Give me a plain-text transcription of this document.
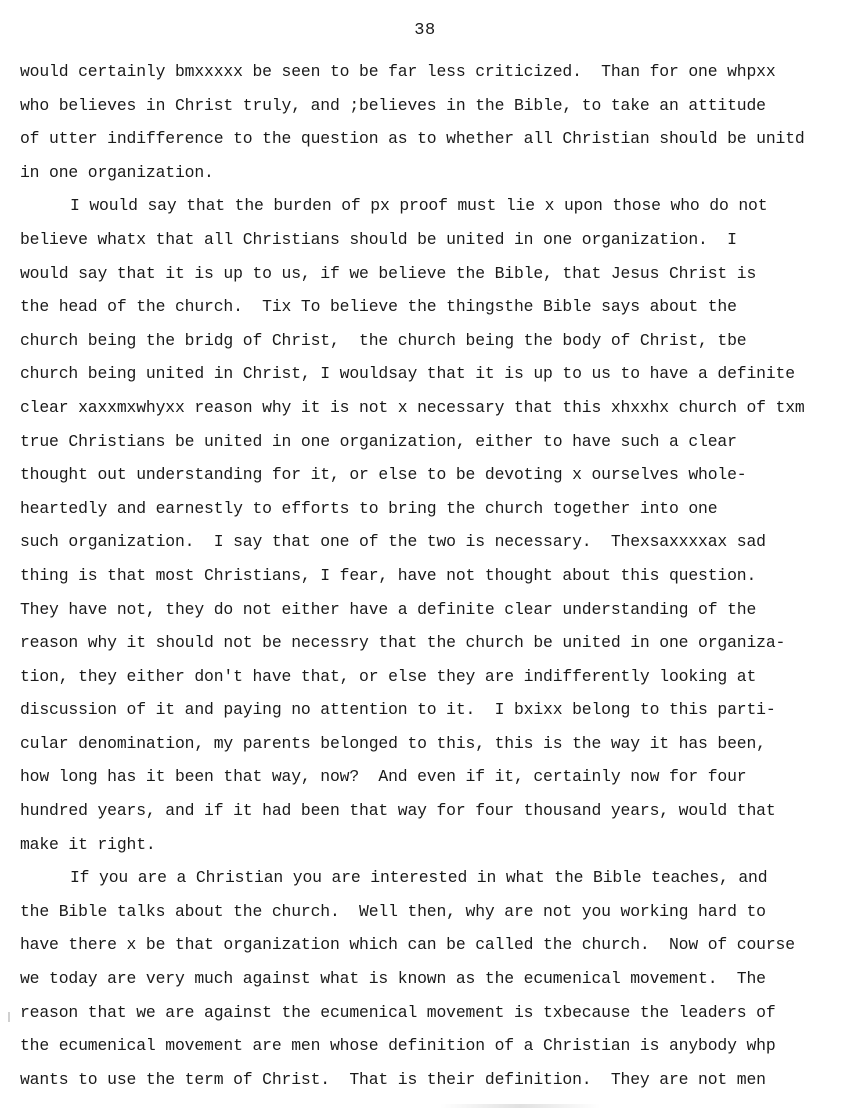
38
would certainly bmxxxxx be seen to be far less criticized.  Than for one whpxx
who believes in Christ truly, and ;believes in the Bible, to take an attitude
of utter indifference to the question as to whether all Christian should be unitd
in one organization.
I would say that the burden of px proof must lie x upon those who do not
believe whatx that all Christians should be united in one organization.  I
would say that it is up to us, if we believe the Bible, that Jesus Christ is
the head of the church.  Tix To believe the thingsthe Bible says about the
church being the bridg of Christ,  the church being the body of Christ, tbe
church being united in Christ, I wouldsay that it is up to us to have a definite
clear xaxxmxwhyxx reason why it is not x necessary that this xhxxhx church of txm
true Christians be united in one organization, either to have such a clear
thought out understanding for it, or else to be devoting x ourselves whole-
heartedly and earnestly to efforts to bring the church together into one
such organization.  I say that one of the two is necessary.  Thexsaxxxxax sad
thing is that most Christians, I fear, have not thought about this question.
They have not, they do not either have a definite clear understanding of the
reason why it should not be necessry that the church be united in one organiza-
tion, they either don't have that, or else they are indifferently looking at
discussion of it and paying no attention to it.  I bxixx belong to this parti-
cular denomination, my parents belonged to this, this is the way it has been,
how long has it been that way, now?  And even if it, certainly now for four
hundred years, and if it had been that way for four thousand years, would that
make it right.
If you are a Christian you are interested in what the Bible teaches, and
the Bible talks about the church.  Well then, why are not you working hard to
have there x be that organization which can be called the church.  Now of course
we today are very much against what is known as the ecumenical movement.  The
reason that we are against the ecumenical movement is txbecause the leaders of
the ecumenical movement are men whose definition of a Christian is anybody whp
wants to use the term of Christ.  That is their definition.  They are not men
